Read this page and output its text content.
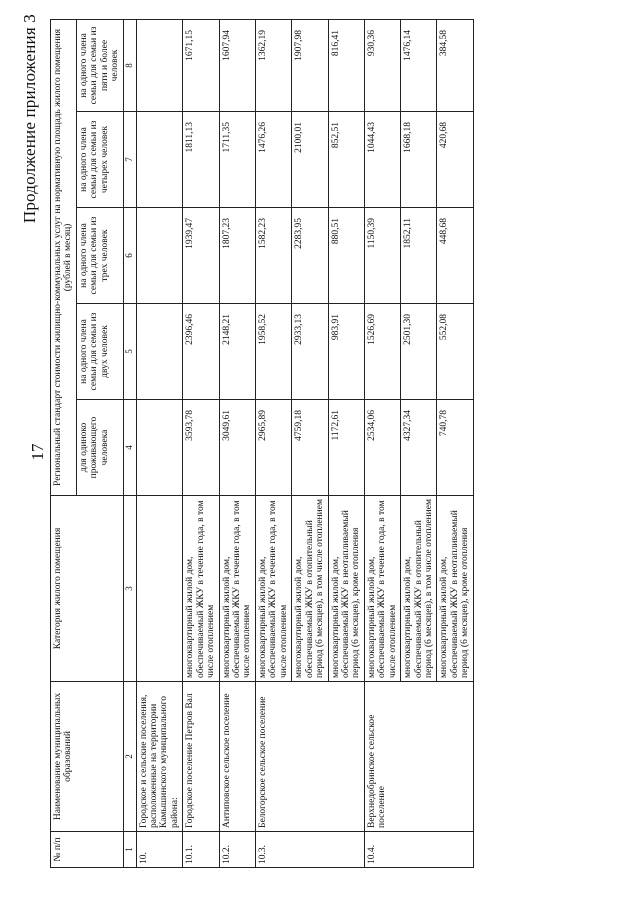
17
Продолжение приложения 3
№ п/п	Наименование муниципальных образований	Категория жилого помещения	Региональный стандарт стоимости жилищно-коммунальных услуг на нормативную площадь жилого помещения (рублей в месяц)				
			для одиноко проживающего человека	на одного члена семьи для семьи из двух человек	на одного члена семьи для семьи из трех человек	на одного члена семьи для семьи из четырех человек	на одного члена семьи для семьи из пяти и более человек
1	2	3	4	5	6	7	8
10.	Городское и сельские поселения, расположенные на территории Камышинского муниципального района:						
10.1.	Городское поселение Петров Вал	многоквартирный жилой дом, обеспечиваемый ЖКУ в течение года, в том числе отоплением	3593,78	2396,46	1939,47	1811,13	1671,15
10.2.	Антиповское сельское поселение	многоквартирный жилой дом, обеспечиваемый ЖКУ в течение года, в том числе отоплением	3049,61	2148,21	1807,23	1711,35	1607,94
10.3.	Белогорское сельское поселение	многоквартирный жилой дом, обеспечиваемый ЖКУ в течение года, в том числе отоплением	2965,89	1958,52	1582,23	1476,26	1362,19
		многоквартирный жилой дом, обеспечиваемый ЖКУ в отопительный период (6 месяцев), в том числе отоплением	4759,18	2933,13	2283,95	2100,01	1907,98
		многоквартирный жилой дом, обеспечиваемый ЖКУ в неотапливаемый период (6 месяцев), кроме отопления	1172,61	983,91	880,51	852,51	816,41
10.4.	Верхнедобринское сельское поселение	многоквартирный жилой дом, обеспечиваемый ЖКУ в течение года, в том числе отоплением	2534,06	1526,69	1150,39	1044,43	930,36
		многоквартирный жилой дом, обеспечиваемый ЖКУ в отопительный период (6 месяцев), в том числе отоплением	4327,34	2501,30	1852,11	1668,18	1476,14
		многоквартирный жилой дом, обеспечиваемый ЖКУ в неотапливаемый период (6 месяцев), кроме отопления	740,78	552,08	448,68	420,68	384,58
